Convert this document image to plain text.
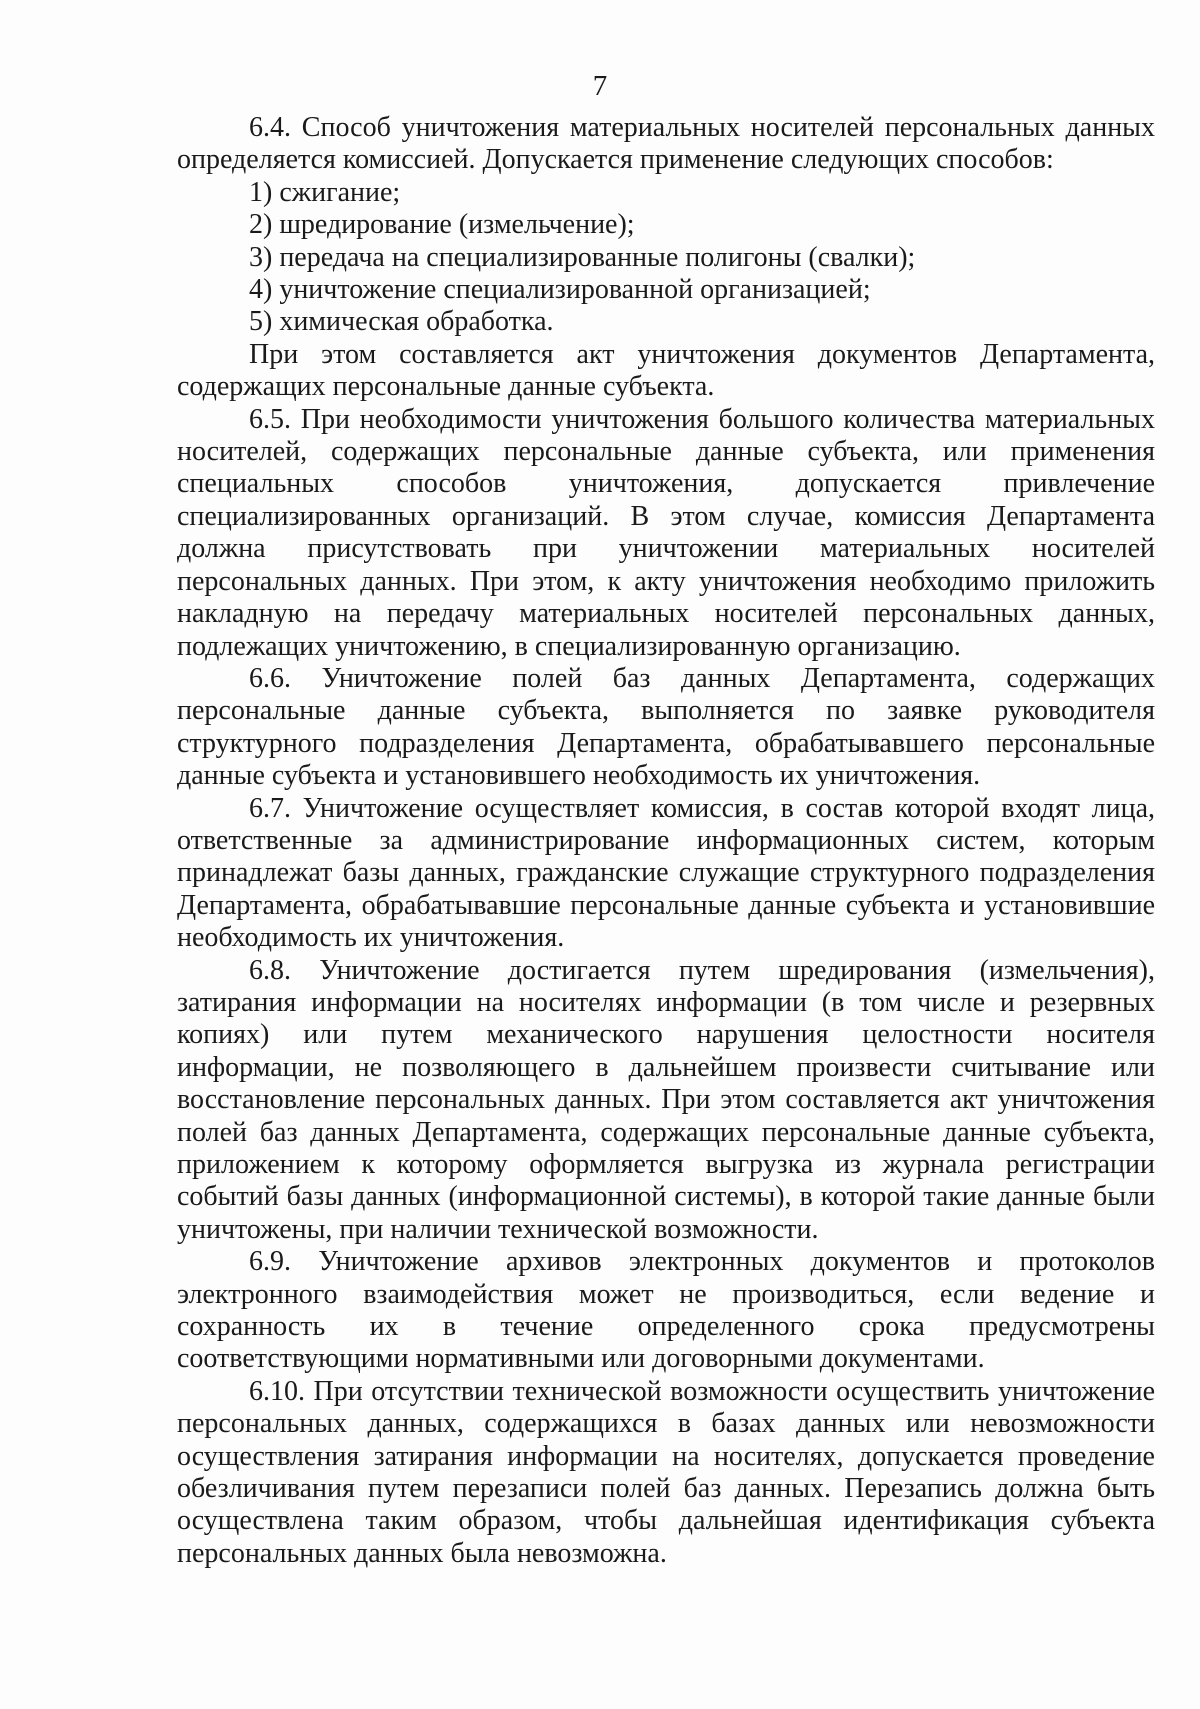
7

6.4. Способ уничтожения материальных носителей персональных данных определяется комиссией. Допускается применение следующих способов:

1) сжигание;

2) шредирование (измельчение);

3) передача на специализированные полигоны (свалки);

4) уничтожение специализированной организацией;

5) химическая обработка.

При этом составляется акт уничтожения документов Департамента, содержащих персональные данные субъекта.

6.5. При необходимости уничтожения большого количества материальных носителей, содержащих персональные данные субъекта, или применения специальных способов уничтожения, допускается привлечение специализированных организаций. В этом случае, комиссия Департамента должна присутствовать при уничтожении материальных носителей персональных данных. При этом, к акту уничтожения необходимо приложить накладную на передачу материальных носителей персональных данных, подлежащих уничтожению, в специализированную организацию.

6.6. Уничтожение полей баз данных Департамента, содержащих персональные данные субъекта, выполняется по заявке руководителя структурного подразделения Департамента, обрабатывавшего персональные данные субъекта и установившего необходимость их уничтожения.

6.7. Уничтожение осуществляет комиссия, в состав которой входят лица, ответственные за администрирование информационных систем, которым принадлежат базы данных, гражданские служащие структурного подразделения Департамента, обрабатывавшие персональные данные субъекта и установившие необходимость их уничтожения.

6.8. Уничтожение достигается путем шредирования (измельчения), затирания информации на носителях информации (в том числе и резервных копиях) или путем механического нарушения целостности носителя информации, не позволяющего в дальнейшем произвести считывание или восстановление персональных данных. При этом составляется акт уничтожения полей баз данных Департамента, содержащих персональные данные субъекта, приложением к которому оформляется выгрузка из журнала регистрации событий базы данных (информационной системы), в которой такие данные были уничтожены, при наличии технической возможности.

6.9. Уничтожение архивов электронных документов и протоколов электронного взаимодействия может не производиться, если ведение и сохранность их в течение определенного срока предусмотрены соответствующими нормативными или договорными документами.

6.10. При отсутствии технической возможности осуществить уничтожение персональных данных, содержащихся в базах данных или невозможности осуществления затирания информации на носителях, допускается проведение обезличивания путем перезаписи полей баз данных. Перезапись должна быть осуществлена таким образом, чтобы дальнейшая идентификация субъекта персональных данных была невозможна.
